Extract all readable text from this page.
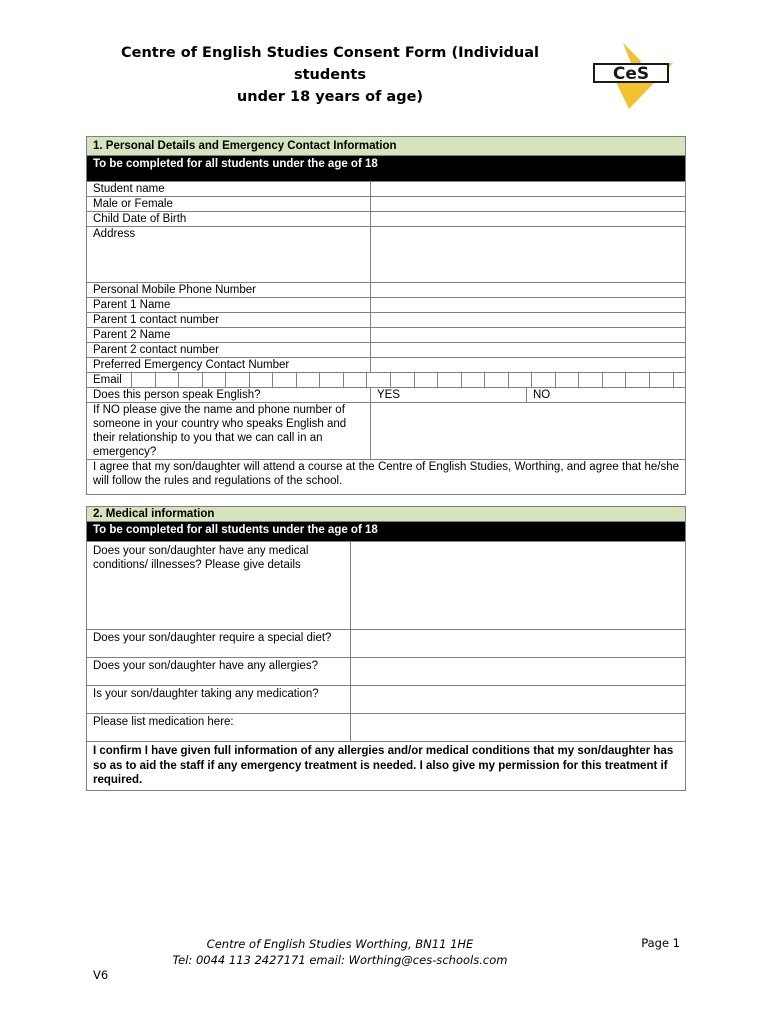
Centre of English Studies Consent Form (Individual students
under 18 years of age)
CeS
1. Personal Details and Emergency Contact Information		
To be completed for all students under the age of 18		
Student name		
Male or Female		
Child Date of Birth		
Address		
Personal Mobile Phone Number		
Parent 1 Name		
Parent 1 contact number		
Parent 2 Name		
Parent 2 contact number		
Preferred Emergency Contact Number		

Email		

Does this person speak English?	YES	NO
If NO please give the name and phone number of someone in your country who speaks English and their relationship to you that we can call in an emergency?		
I agree that my son/daughter will attend a course at the Centre of English Studies, Worthing, and agree that he/she will follow the rules and regulations of the school.		
2. Medical information	
To be completed for all students under the age of 18	
Does your son/daughter have any medical conditions/ illnesses? Please give details	
Does your son/daughter require a special diet?	
Does your son/daughter have any allergies?	
Is your son/daughter taking any medication?	
Please list medication here:	
I confirm I have given full information of any allergies and/or medical conditions that my son/daughter has so as to aid the staff if any emergency treatment is needed. I also give my permission for this treatment if required.	
Centre of English Studies Worthing, BN11 1HE
Tel: 0044 113 2427171 email: Worthing@ces-schools.com
Page 1
V6
